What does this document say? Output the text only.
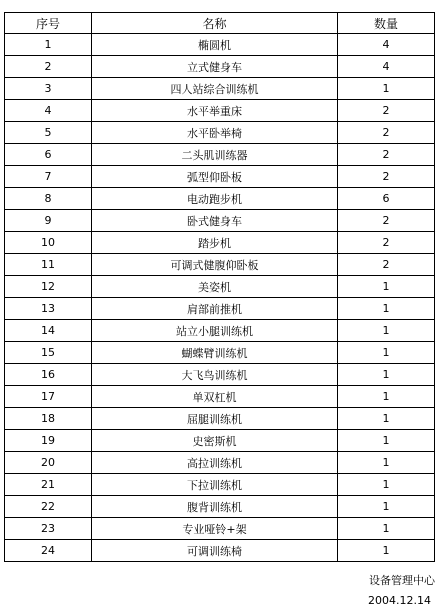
序号	名称	数量
1	椭圆机	4
2	立式健身车	4
3	四人站综合训练机	1
4	水平举重床	2
5	水平卧举椅	2
6	二头肌训练器	2
7	弧型仰卧板	2
8	电动跑步机	6
9	卧式健身车	2
10	踏步机	2
11	可调式健腹仰卧板	2
12	美姿机	1
13	肩部前推机	1
14	站立小腿训练机	1
15	蝴蝶臂训练机	1
16	大飞鸟训练机	1
17	单双杠机	1
18	屈腿训练机	1
19	史密斯机	1
20	高拉训练机	1
21	下拉训练机	1
22	腹背训练机	1
23	专业哑铃+架	1
24	可调训练椅	1
设备管理中心
2004.12.14
